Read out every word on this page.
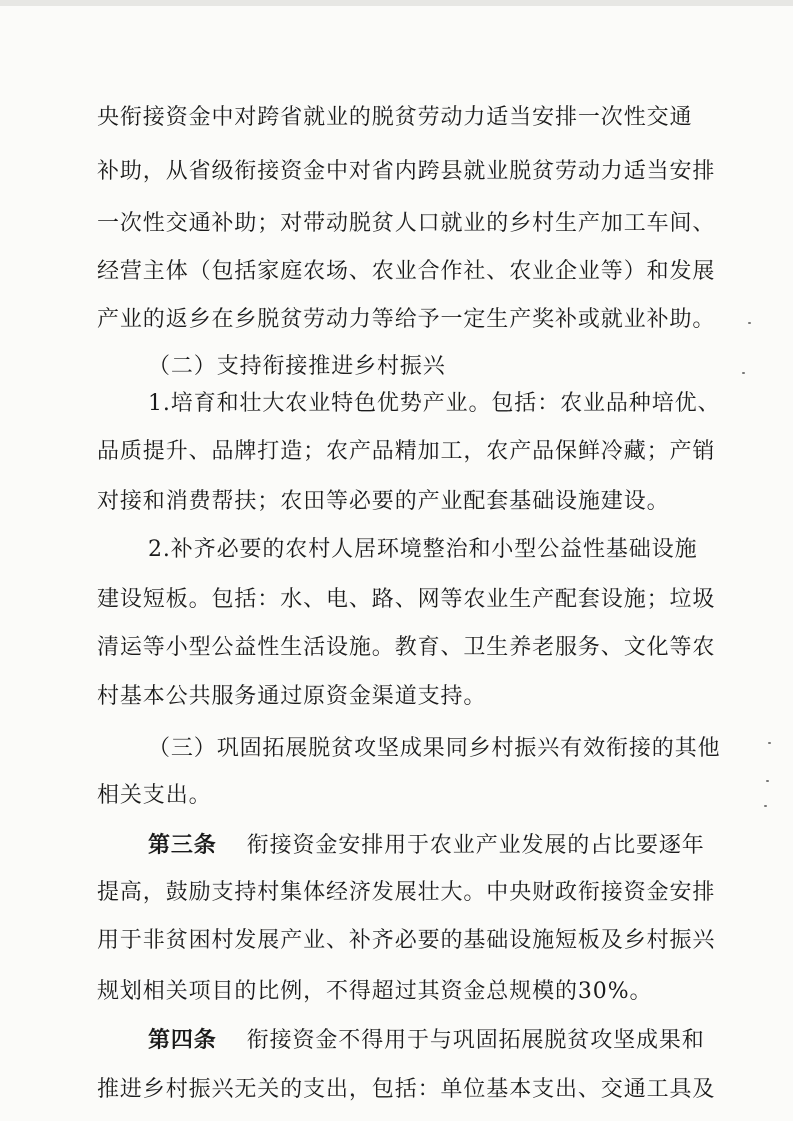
央衔接资金中对跨省就业的脱贫劳动力适当安排一次性交通
补助，从省级衔接资金中对省内跨县就业脱贫劳动力适当安排
一次性交通补助；对带动脱贫人口就业的乡村生产加工车间、
经营主体（包括家庭农场、农业合作社、农业企业等）和发展
产业的返乡在乡脱贫劳动力等给予一定生产奖补或就业补助。
（二）支持衔接推进乡村振兴
1.培育和壮大农业特色优势产业。包括：农业品种培优、
品质提升、品牌打造；农产品精加工，农产品保鲜冷藏；产销
对接和消费帮扶；农田等必要的产业配套基础设施建设。
2.补齐必要的农村人居环境整治和小型公益性基础设施
建设短板。包括：水、电、路、网等农业生产配套设施；垃圾
清运等小型公益性生活设施。教育、卫生养老服务、文化等农
村基本公共服务通过原资金渠道支持。
（三）巩固拓展脱贫攻坚成果同乡村振兴有效衔接的其他
相关支出。
第三条 衔接资金安排用于农业产业发展的占比要逐年
提高，鼓励支持村集体经济发展壮大。中央财政衔接资金安排
用于非贫困村发展产业、补齐必要的基础设施短板及乡村振兴
规划相关项目的比例，不得超过其资金总规模的30%。
第四条 衔接资金不得用于与巩固拓展脱贫攻坚成果和
推进乡村振兴无关的支出，包括：单位基本支出、交通工具及
